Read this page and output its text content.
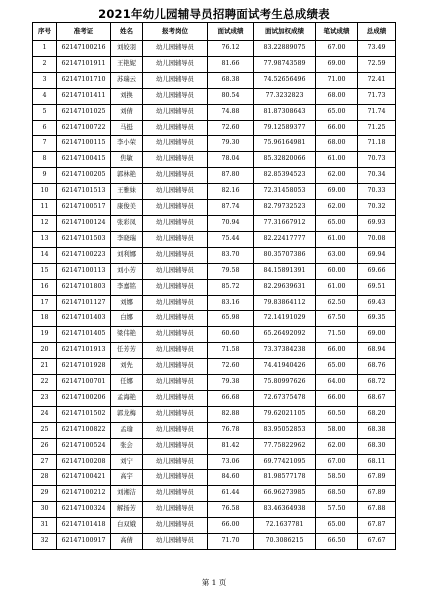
2021年幼儿园辅导员招聘面试考生总成绩表
序号	准考证	姓名	报考岗位	面试成绩	面试加权成绩	笔试成绩	总成绩
1	62147100216	刘姣羽	幼儿园辅导员	76.12	83.22889075	67.00	73.49
2	62147101911	王艳妮	幼儿园辅导员	81.66	77.98743589	69.00	72.59
3	62147101710	苏瑞云	幼儿园辅导员	68.38	74.52656496	71.00	72.41
4	62147101411	刘换	幼儿园辅导员	80.54	77.3232823	68.00	71.73
5	62147101025	刘倩	幼儿园辅导员	74.88	81.87308643	65.00	71.74
6	62147100722	马挺	幼儿园辅导员	72.60	79.12589377	66.00	71.25
7	62147100115	李小荣	幼儿园辅导员	79.30	75.96164981	68.00	71.18
8	62147100415	焦敏	幼儿园辅导员	78.04	85.32820066	61.00	70.73
9	62147100205	郭林艳	幼儿园辅导员	87.80	82.85394523	62.00	70.34
10	62147101513	王雅妹	幼儿园辅导员	82.16	72.31458053	69.00	70.33
11	62147100517	康俊美	幼儿园辅导员	87.74	82.79732523	62.00	70.32
12	62147100124	张彩凤	幼儿园辅导员	70.94	77.31667912	65.00	69.93
13	62147101503	李晓瑞	幼儿园辅导员	75.44	82.22417777	61.00	70.08
14	62147100223	刘利娜	幼儿园辅导员	83.70	80.35707386	63.00	69.94
15	62147100113	刘小芳	幼儿园辅导员	79.58	84.15891391	60.00	69.66
16	62147101803	李嘉铭	幼儿园辅导员	85.72	82.29639631	61.00	69.51
17	62147101127	刘娜	幼儿园辅导员	83.16	79.83864112	62.50	69.43
18	62147101403	白娜	幼儿园辅导员	65.98	72.14191029	67.50	69.35
19	62147101405	梁伟艳	幼儿园辅导员	60.60	65.26492092	71.50	69.00
20	62147101913	任芳芳	幼儿园辅导员	71.58	73.37384238	66.00	68.94
21	62147101928	刘先	幼儿园辅导员	72.60	74.41940426	65.00	68.76
22	62147100701	任娜	幼儿园辅导员	79.38	75.80997626	64.00	68.72
23	62147100206	孟海艳	幼儿园辅导员	66.68	72.67375478	66.00	68.67
24	62147101502	郭龙梅	幼儿园辅导员	82.88	79.62021105	60.50	68.20
25	62147100822	孟瑜	幼儿园辅导员	76.78	83.95052853	58.00	68.38
26	62147100524	张会	幼儿园辅导员	81.42	77.75822962	62.00	68.30
27	62147100208	刘宁	幼儿园辅导员	73.06	69.77421095	67.00	68.11
28	62147100421	高宇	幼儿园辅导员	84.60	81.98577178	58.50	67.89
29	62147100212	刘湘洁	幼儿园辅导员	61.44	66.96273985	68.50	67.89
30	62147100324	解扬芳	幼儿园辅导员	76.58	83.46364938	57.50	67.88
31	62147101418	白双娥	幼儿园辅导员	66.00	72.1637781	65.00	67.87
32	62147100917	高倩	幼儿园辅导员	71.70	70.3086215	66.50	67.67
第 1 页
